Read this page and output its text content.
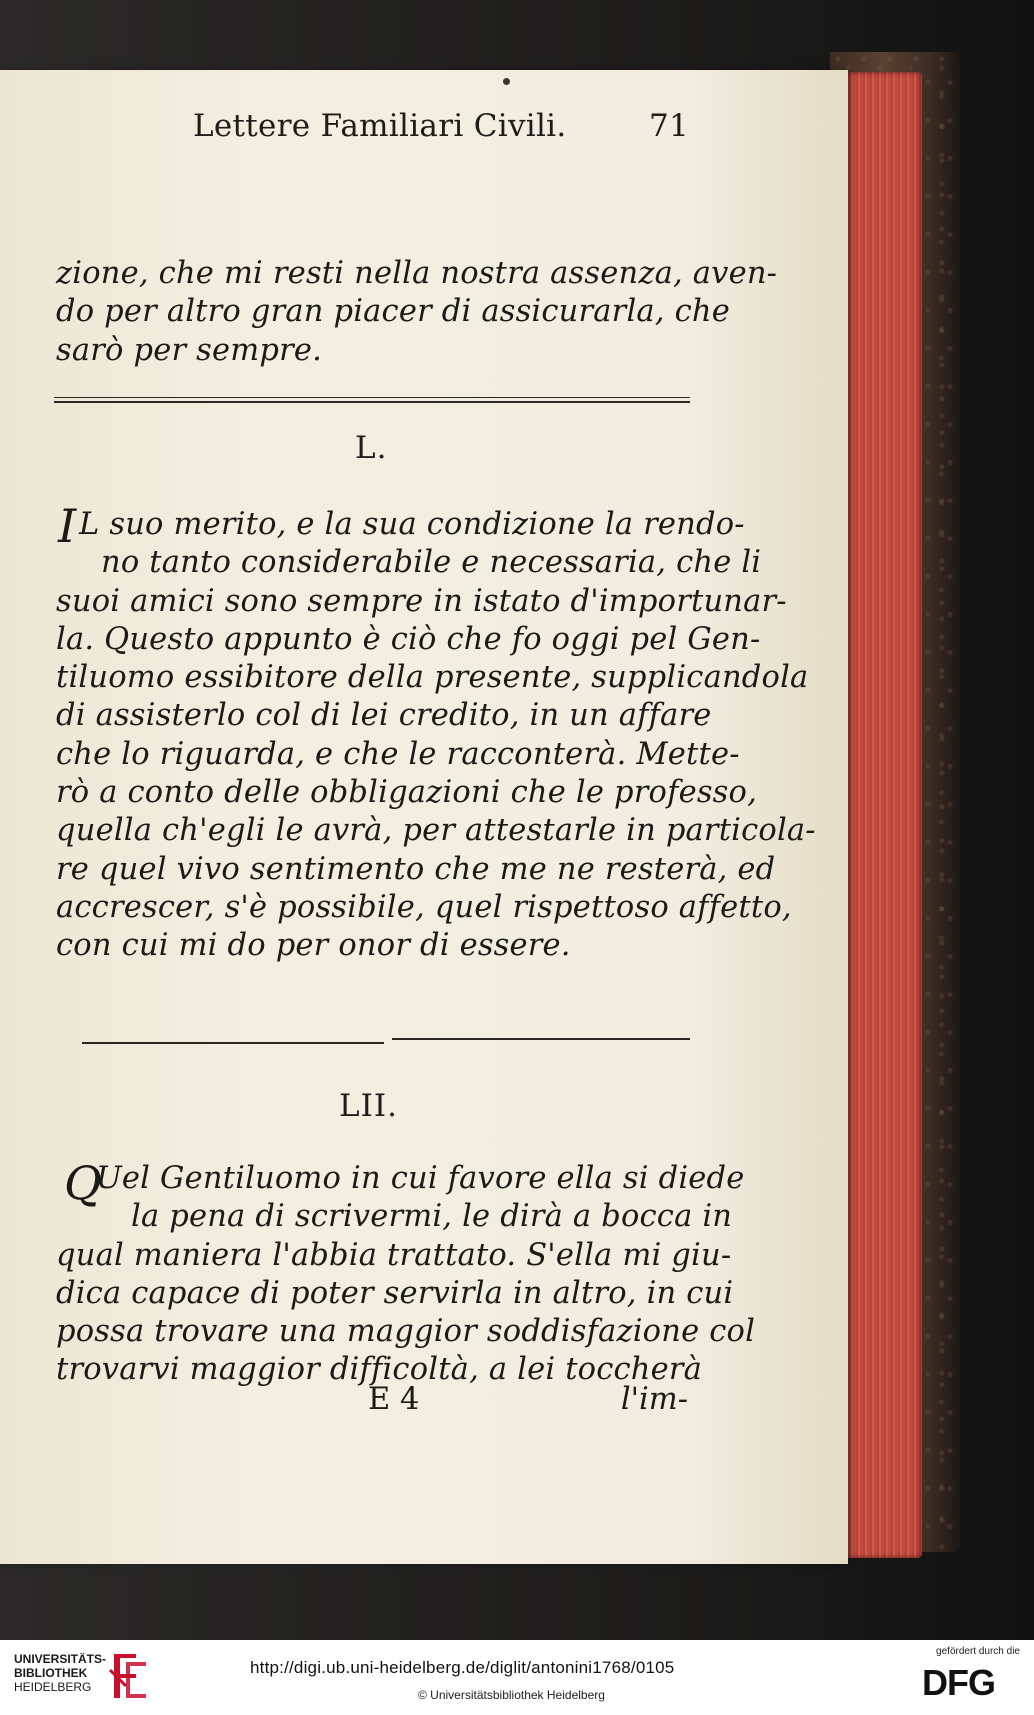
Lettere Familiari Civili.	71
zione, che mi resti nella nostra assenza, aven-
do per altro gran piacer di assicurarla, che
sarò per sempre.
L.
I L suo merito, e la sua condizione la rendo-
no tanto considerabile e necessaria, che li
suoi amici sono sempre in istato d'importunar-
la. Questo appunto è ciò che fo oggi pel Gen-
tiluomo essibitore della presente, supplicandola
di assisterlo col di lei credito, in un affare
che lo riguarda, e che le racconterà. Mette-
rò a conto delle obbligazioni che le professo,
quella ch'egli le avrà, per attestarle in particola-
re quel vivo sentimento che me ne resterà, ed
accrescer, s'è possibile, quel rispettoso affetto,
con cui mi do per onor di essere.
LII.
Q
Uel Gentiluomo in cui favore ella si diede
la pena di scrivermi, le dirà a bocca in
qual maniera l'abbia trattato. S'ella mi giu-
dica capace di poter servirla in altro, in cui
possa trovare una maggior soddisfazione col
trovarvi maggior difficoltà, a lei toccherà
E 4	l'im-
UNIVERSITÄTS-
BIBLIOTHEK
HEIDELBERG
http://digi.ub.uni-heidelberg.de/diglit/antonini1768/0105
© Universitätsbibliothek Heidelberg
gefördert durch die
DFG
